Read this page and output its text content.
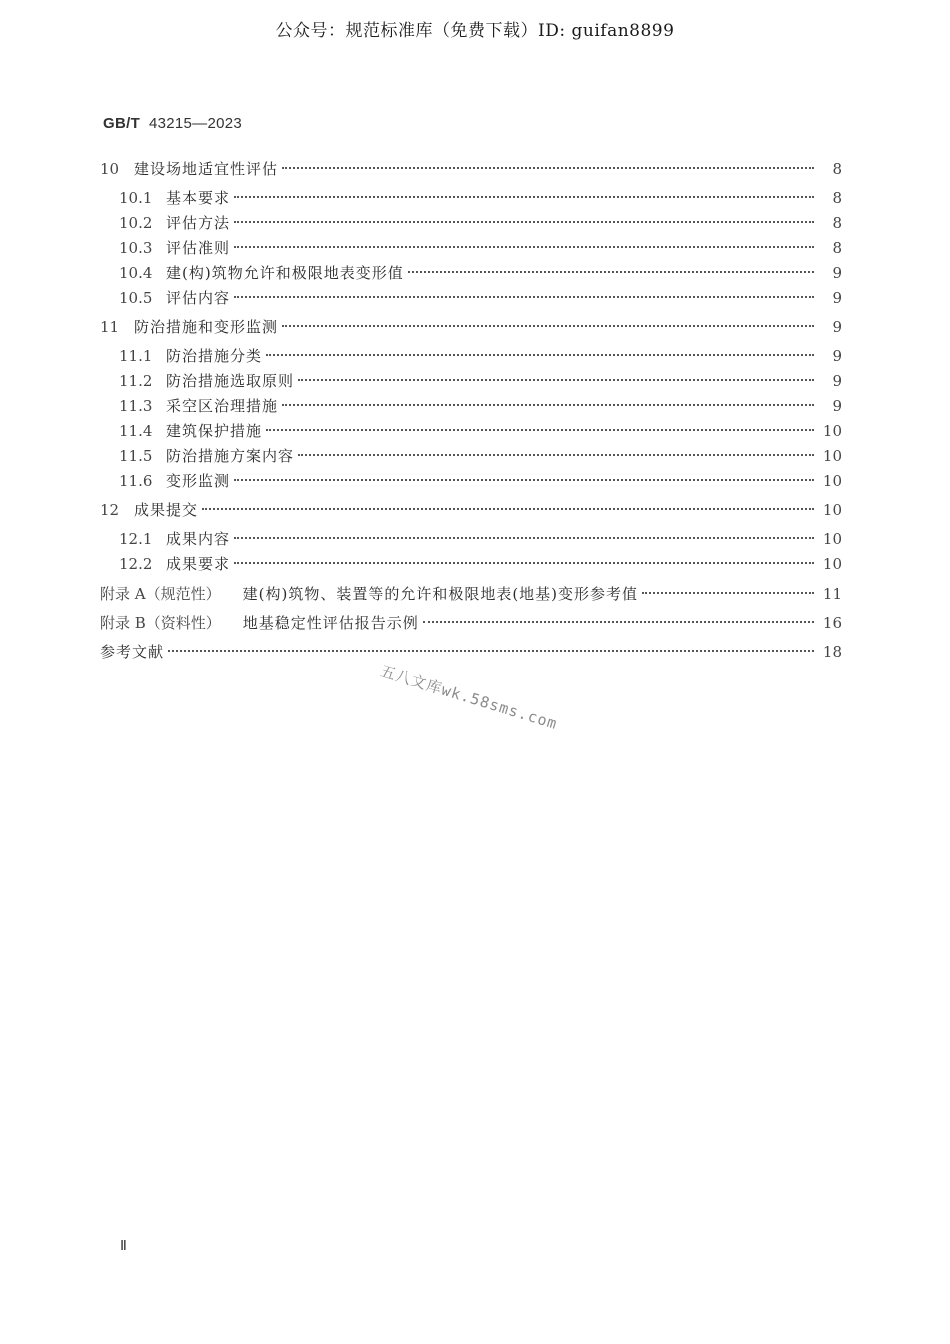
公众号：规范标准库（免费下载）ID: guifan8899
GB/T 43215—2023
10 建设场地适宜性评估	8
10.1 基本要求	8
10.2 评估方法	8
10.3 评估准则	8
10.4 建(构)筑物允许和极限地表变形值	9
10.5 评估内容	9
11 防治措施和变形监测	9
11.1 防治措施分类	9
11.2 防治措施选取原则	9
11.3 采空区治理措施	9
11.4 建筑保护措施	10
11.5 防治措施方案内容	10
11.6 变形监测	10
12 成果提交	10
12.1 成果内容	10
12.2 成果要求	10
附录 A（规范性）	建(构)筑物、装置等的允许和极限地表(地基)变形参考值	11
附录 B（资料性）	地基稳定性评估报告示例	16
参考文献	18
五八文库wk.58sms.com
Ⅱ
